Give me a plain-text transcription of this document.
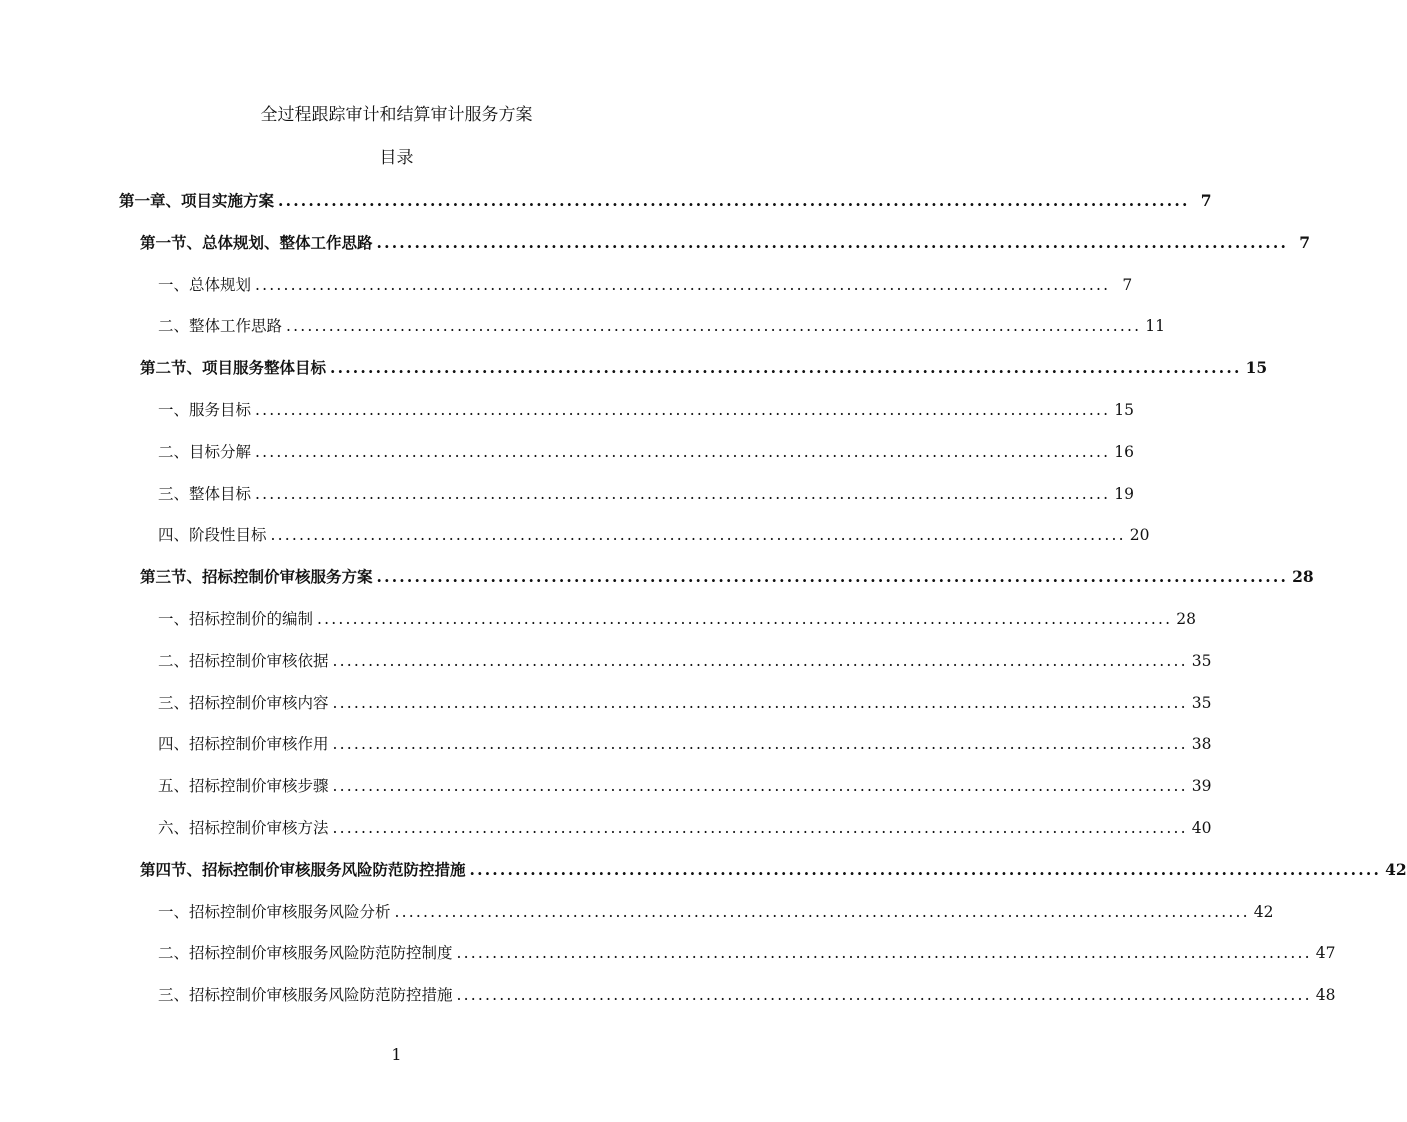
全过程跟踪审计和结算审计服务方案
目录
第一章、项目实施方案 ........................................................................................................................ 7
第一节、总体规划、整体工作思路 ........................................................................................................................ 7
一、总体规划 ........................................................................................................................ 7
二、整体工作思路 ........................................................................................................................ 11
第二节、项目服务整体目标 ........................................................................................................................ 15
一、服务目标 ........................................................................................................................ 15
二、目标分解 ........................................................................................................................ 16
三、整体目标 ........................................................................................................................ 19
四、阶段性目标 ........................................................................................................................ 20
第三节、招标控制价审核服务方案 ........................................................................................................................ 28
一、招标控制价的编制 ........................................................................................................................ 28
二、招标控制价审核依据 ........................................................................................................................ 35
三、招标控制价审核内容 ........................................................................................................................ 35
四、招标控制价审核作用 ........................................................................................................................ 38
五、招标控制价审核步骤 ........................................................................................................................ 39
六、招标控制价审核方法 ........................................................................................................................ 40
第四节、招标控制价审核服务风险防范防控措施 ........................................................................................................................ 42
一、招标控制价审核服务风险分析 ........................................................................................................................ 42
二、招标控制价审核服务风险防范防控制度 ........................................................................................................................ 47
三、招标控制价审核服务风险防范防控措施 ........................................................................................................................ 48
1
